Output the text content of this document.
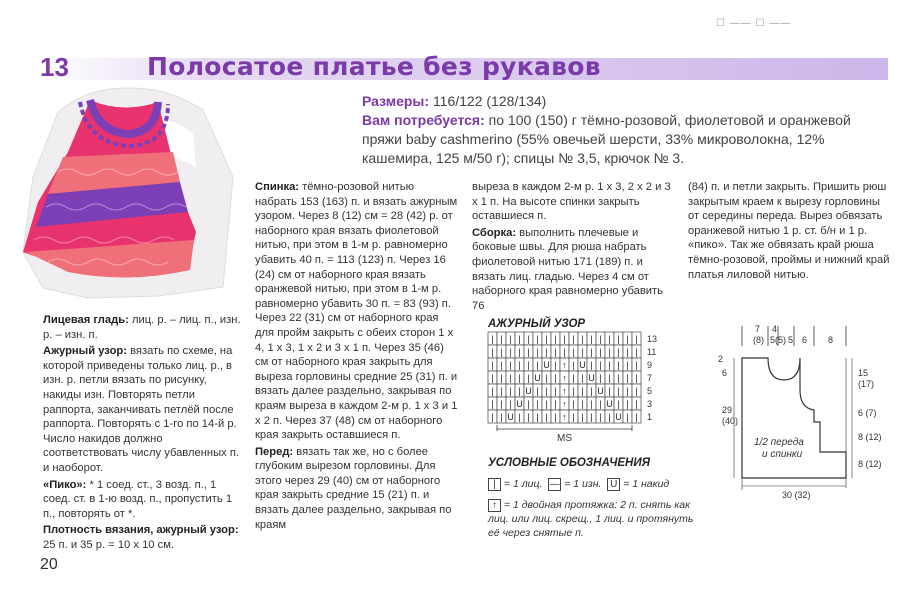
☐ —— ☐ ——
13	Полосатое платье без рукавов
Размеры: 116/122 (128/134)
Вам потребуется: по 100 (150) г тёмно-розовой, фиолетовой и оранжевой пряжи baby cashmerino (55% овечьей шерсти, 33% микроволокна, 12% кашемира, 125 м/50 г); спицы № 3,5, крючок № 3.

Лицевая гладь: лиц. р. – лиц. п., изн. р. – изн. п.

Ажурный узор: вязать по схеме, на которой приведены только лиц. р., в изн. р. петли вязать по рисунку, накиды изн. Повторять петли раппорта, заканчивать петлёй после раппорта. Повторять с 1-го по 14-й р. Число накидов должно соответствовать числу убавленных п. и наоборот.

«Пико»: * 1 соед. ст., 3 возд. п., 1 соед. ст. в 1-ю возд. п., пропустить 1 п., повторять от *.

Плотность вязания, ажурный узор: 25 п. и 35 р. = 10 х 10 см.

Спинка: тёмно-розовой нитью набрать 153 (163) п. и вязать ажурным узором. Через 8 (12) см = 28 (42) р. от наборного края вязать фиолетовой нитью, при этом в 1-м р. равномерно убавить 40 п. = 113 (123) п. Через 16 (24) см от наборного края вязать оранжевой нитью, при этом в 1-м р. равномерно убавить 30 п. = 83 (93) п. Через 22 (31) см от наборного края для пройм закрыть с обеих сторон 1 х 4, 1 х 3, 1 х 2 и 3 х 1 п. Через 35 (46) см от наборного края закрыть для выреза горловины средние 25 (31) п. и вязать далее раздельно, закрывая по краям выреза в каждом 2-м р. 1 х 3 и 1 х 2 п. Через 37 (48) см от наборного края закрыть оставшиеся п.

Перед: вязать так же, но с более глубоким вырезом горловины. Для этого через 29 (40) см от наборного края закрыть средние 15 (21) п. и вязать далее раздельно, закрывая по краям

выреза в каждом 2-м р. 1 х 3, 2 х 2 и 3 х 1 п. На высоте спинки закрыть оставшиеся п.

Сборка: выполнить плечевые и боковые швы. Для рюша набрать фиолетовой нитью 171 (189) п. и вязать лиц. гладью. Через 4 см от наборного края равномерно убавить 76

(84) п. и петли закрыть. Пришить рюш закрытым краем к вырезу горловины от середины переда. Вырез обвязать оранжевой нитью 1 р. ст. б/н и 1 р. «пико». Так же обвязать край рюша тёмно-розовой, проймы и нижний край платья лиловой нитью.

АЖУРНЫЙ УЗОР
| | | | | | | | | | | | | | | | | 13
| | | | | | | | | | | | | | | | | 11
| | | | | | U | ↑ | U | | | | | | 9
| | | | | U | | ↑ | | U | | | | | 7
| | | | U | | | ↑ | | | U | | | | 5
| | | U | | | | ↑ | | | | U | | | 3
| | U | | | | | ↑ | | | | | U | | 1
MS
УСЛОВНЫЕ ОБОЗНАЧЕНИЯ
| = 1 лиц. — = 1 изн. U = 1 накид
↑ = 1 двойная протяжка: 2 п. снять как лиц. или лиц. скрещ., 1 лиц. и протянуть её через снятые п.
7
(8) 5
4
(5) 5 6 8
2
6
29
(40)
15
(17)
6 (7)
8 (12)
8 (12)
1/2 переда
и спинки
30 (32)
20
